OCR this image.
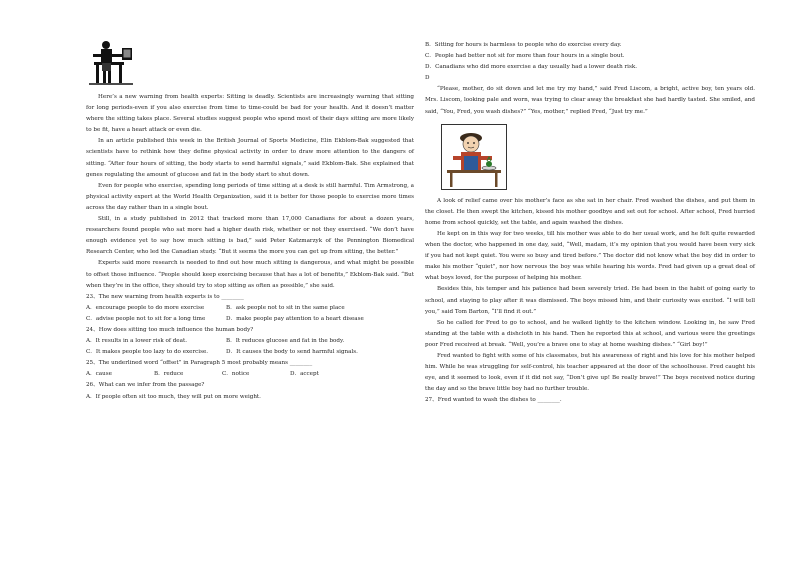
Here’s a new warning from health experts: Sitting is deadly. Scientists are increasingly warning that sitting for long periods-even if you also exercise from time to time-could be bad for your health. And it doesn’t matter where the sitting takes place. Several studies suggest people who spend most of their days sitting are more likely to be fit, have a heart attack or even die.

In an article published this week in the British Journal of Sports Medicine, Elin Ekblom-Bak suggested that scientists have to rethink how they define physical activity in order to draw more attention to the dangers of sitting. “After four hours of sitting, the body starts to send harmful signals,” said Ekblom-Bak. She explained that genes regulating the amount of glucose and fat in the body start to shut down.

Even for people who exercise, spending long periods of time sitting at a desk is still harmful. Tim Armstrong, a physical activity expert at the World Health Organization, said it is better for those people to exercise more times across the day rather than in a single bout.

Still, in a study published in 2012 that tracked more than 17,000 Canadians for about a dozen years, researchers found people who sat more had a higher death risk, whether or not they exercised. “We don’t have enough evidence yet to say how much sitting is bad,” said Peter Katzmarzyk of the Pennington Biomedical Research Center, who led the Canadian study. “But it seems the more you can get up from sitting, the better.”

Experts said more research is needed to find out how much sitting is dangerous, and what might be possible to offset those influence. “People should keep exercising because that has a lot of benefits,” Ekblom-Bak said. “But when they’re in the office, they should try to stop sitting as often as possible,” she said.

23、The new warning from health experts is to ________

A．encourage people to do more exercise	B．ask people not to sit in the same place
C．advise people not to sit for a long time	D．make people pay attention to a heart disease

24、How does sitting too much influence the human body?

A．It results in a lower risk of deat.	B．It reduces glucose and fat in the body.
C．It makes people too lazy to do exercise.	D．It causes the body to send harmful signals.

25、The underlined word “offset” in Paragraph 5 most probably means ________

A．cause	B．reduce	C．notice	D．accept

26、What can we infer from the passage?

A．If people often sit too much, they will put on more weight.

B．Sitting for hours is harmless to people who do exercise every day.

C．People had better not sit for more than four hours in a single bout.

D．Canadians who did more exercise a day usually had a lower death risk.

D

“Please, mother, do sit down and let me try my hand,” said Fred Liscom, a bright, active boy, ten years old. Mrs. Liscom, looking pale and worn, was trying to clear away the breakfast she had hardly tasted. She smiled, and said, “You, Fred, you wash dishes?” “Yes, mother,” replied Fred, “Just try me.”

A look of relief came over his mother’s face as she sat in her chair. Fred washed the dishes, and put them in the closet. He then swept the kitchen, kissed his mother goodbye and set out for school. After school, Fred hurried home from school quickly, set the table, and again washed the dishes.

He kept on in this way for two weeks, till his mother was able to do her usual work, and he felt quite rewarded when the doctor, who happened in one day, said, “Well, madam, it’s my opinion that you would have been very sick if you had not kept quiet. You were so busy and tired before.” The doctor did not know what the boy did in order to make his mother “quiet”, nor how nervous the boy was while hearing his words. Fred had given up a great deal of what boys loved, for the purpose of helping his mother.

Besides this, his temper and his patience had been severely tried. He had been in the habit of going early to school, and staying to play after it was dismissed. The boys missed him, and their curiosity was excited. “I will tell you,” said Tom Barton, “I’ll find it out.”

So he called for Fred to go to school, and he walked lightly to the kitchen window. Looking in, he saw Fred standing at the table with a dishcloth in his hand. Then he reported this at school, and various were the greetings poor Fred received at break. “Well, you’re a brave one to stay at home washing dishes.” “Girl boy!”

Fred wanted to fight with some of his classmates, but his awareness of right and his love for his mother helped him. While he was struggling for self-control, his teacher appeared at the door of the schoolhouse. Fred caught his eye, and it seemed to look, even if it did not say, “Don’t give up! Be really brave!” The boys received notice during the day and so the brave little boy had no further trouble.

27、Fred wanted to wash the dishes to ________.
